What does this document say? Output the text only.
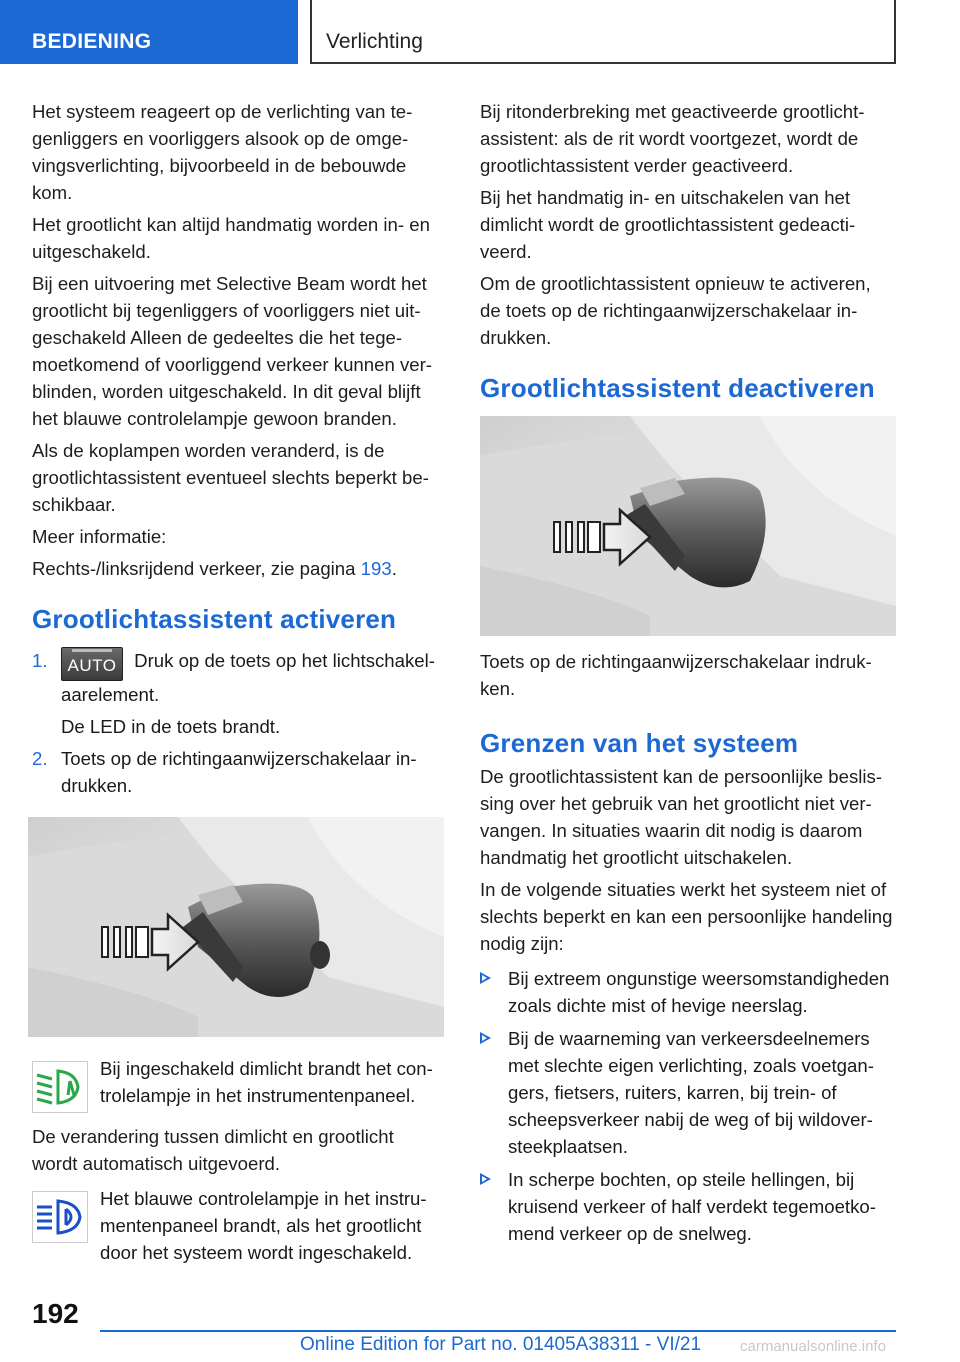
BEDIENING	Verlichting

Het systeem reageert op de verlichting van tegenliggers en voorliggers alsook op de omgevingsverlichting, bijvoorbeeld in de bebouwde kom.

Het grootlicht kan altijd handmatig worden in- en uitgeschakeld.

Bij een uitvoering met Selective Beam wordt het grootlicht bij tegenliggers of voorliggers niet uitgeschakeld Alleen de gedeeltes die het tegemoetkomend of voorliggend verkeer kunnen verblinden, worden uitgeschakeld. In dit geval blijft het blauwe controlelampje gewoon branden.

Als de koplampen worden veranderd, is de grootlichtassistent eventueel slechts beperkt beschikbaar.

Meer informatie:

Rechts-/linksrijdend verkeer, zie pagina 193.

Grootlichtassistent activeren
1. AUTO Druk op de toets op het lichtschakelaarelement.
De LED in de toets brandt.
2. Toets op de richtingaanwijzerschakelaar indrukken.

Bij ingeschakeld dimlicht brandt het controlelampje in het instrumentenpaneel.

De verandering tussen dimlicht en grootlicht wordt automatisch uitgevoerd.

Het blauwe controlelampje in het instrumentenpaneel brandt, als het grootlicht door het systeem wordt ingeschakeld.

Bij ritonderbreking met geactiveerde grootlichtassistent: als de rit wordt voortgezet, wordt de grootlichtassistent verder geactiveerd.

Bij het handmatig in- en uitschakelen van het dimlicht wordt de grootlichtassistent gedeactiveerd.

Om de grootlichtassistent opnieuw te activeren, de toets op de richtingaanwijzerschakelaar indrukken.

Grootlichtassistent deactiveren

Toets op de richtingaanwijzerschakelaar indrukken.

Grenzen van het systeem

De grootlichtassistent kan de persoonlijke beslissing over het gebruik van het grootlicht niet vervangen. In situaties waarin dit nodig is daarom handmatig het grootlicht uitschakelen.

In de volgende situaties werkt het systeem niet of slechts beperkt en kan een persoonlijke handeling nodig zijn:

Bij extreem ongunstige weersomstandigheden zoals dichte mist of hevige neerslag.
Bij de waarneming van verkeersdeelnemers met slechte eigen verlichting, zoals voetgangers, fietsers, ruiters, karren, bij trein- of scheepsverkeer nabij de weg of bij wildoversteekplaatsen.
In scherpe bochten, op steile hellingen, bij kruisend verkeer of half verdekt tegemoetkomend verkeer op de snelweg.
192
Online Edition for Part no. 01405A38311 - VI/21	carmanualsonline.info
